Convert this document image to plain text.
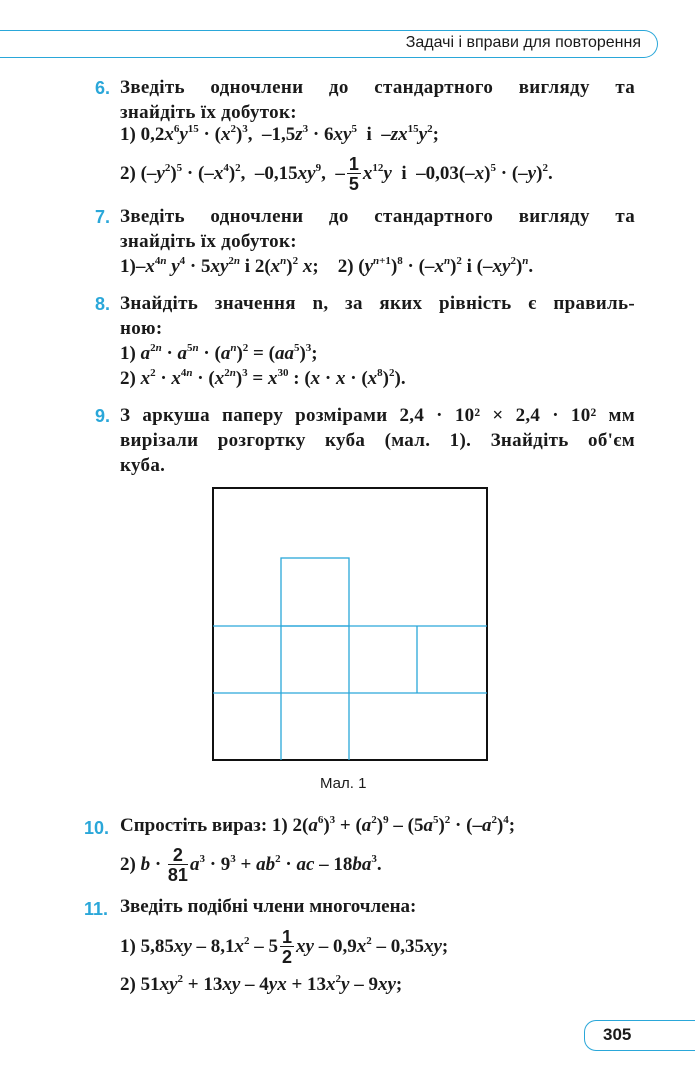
Задачі і вправи для повторення
6. Зведіть одночлени до стандартного вигляду та
знайдіть їх добуток:
1) $0,2x^6y^{15} \cdot (x^2)^3$,  $-1,5z^3 \cdot 6xy^5$  і  $-zx^{15}y^2$;
2) $(-y^2)^5 \cdot (-x^4)^2$,  $-0,15xy^9$,  – $\frac{1}{5} x^{12}y$  і  $-0,03(-x)^5 \cdot (-y)^2$.
7. Зведіть одночлени до стандартного вигляду та
знайдіть їх добуток:
$1)-x^{4n}$ $y^4 \cdot 5xy^{2n}$ і $2(x^n)^2$ x;    2) $(y^{n+1})^8 \cdot (-x^n)^2$ і $(-xy^2)^n$.
8. Знайдіть значення n, за яких рівність є правиль-
ною:
1) $a^{2n} \cdot a^{5n} \cdot (a^n)^2 = (aa^5)^3$;
2) $x^2 \cdot x^{4n} \cdot (x^{2n})^3 = x^{30}$ : $(x \cdot x \cdot (x^8)^2)$.
9. З аркуша паперу розмірами 2,4 · 10² × 2,4 · 10² мм
вирізали розгортку куба (мал. 1). Знайдіть об'єм
куба.
Мал. 1
10. Спростіть вираз: 1) $2(a^6)^3 + (a^2)^9 - (5a^5)^2 \cdot (-a^2)^4$;
2) $b \cdot \frac{2}{81} a^3 \cdot 9^3 + ab^2$ · ac – $18ba^3$.
11. Зведіть подібні члени многочлена:
1) $5,85xy - 8,1x^2 - 5 \frac{1}{2}$ xy – $0,9x^2 - 0,35xy$;
2) $51xy^2 + 13xy - 4yx + 13x^2y - 9xy$;
305
